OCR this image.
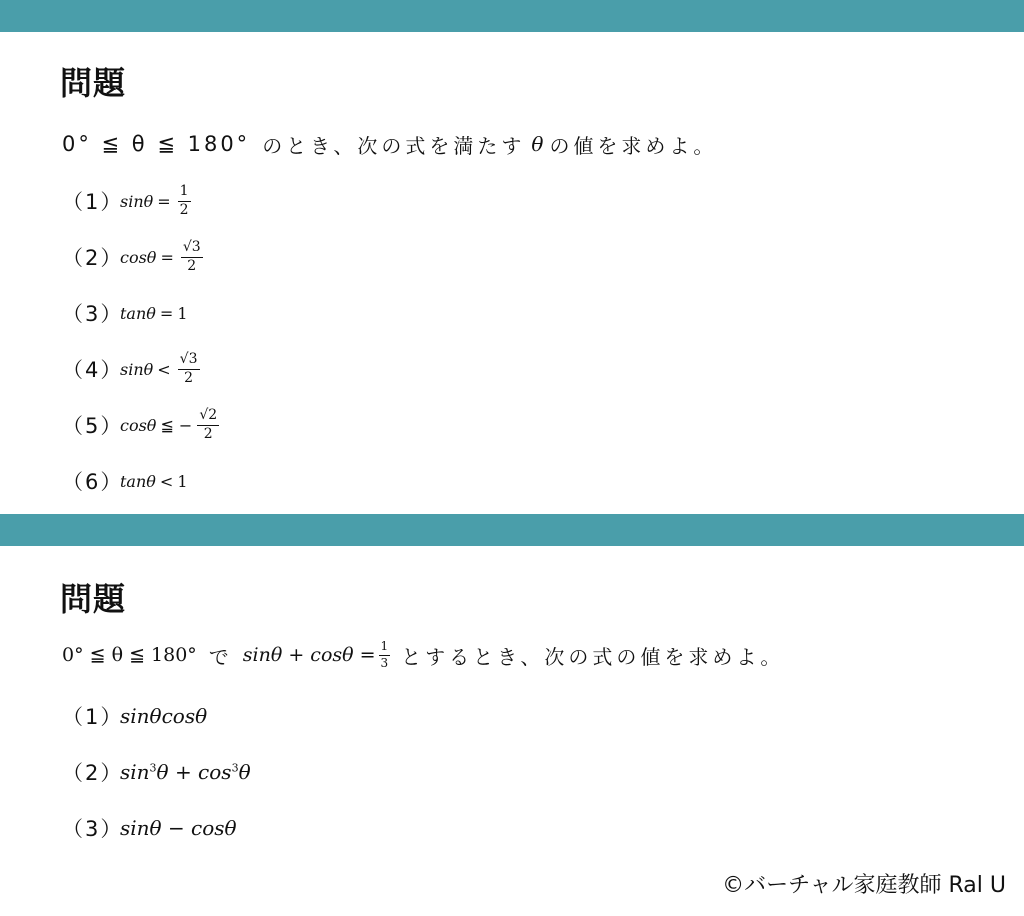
問題
0° ≦ θ ≦ 180° のとき、次の式を満たす θ の値を求めよ。
（1）
$\sin\theta = \frac{1}{2}$
（2）
$\cos\theta = \frac{√3}{2}$
（3）
tanθ = 1
（4）
$\sin\theta < \frac{√3}{2}$
（5）
cosθ ≦ − $\frac{√2}{2}$
（6）
tanθ < 1
問題
0° ≦ θ ≦ 180° で $\sin\theta + \cos\theta = \frac{1}{3}$ とするとき、次の式の値を求めよ。
（1）
sinθcosθ
（2）
$\sin^3\theta + \cos^3\theta$
（3）
sinθ − cosθ
©バーチャル家庭教師 Ral U
